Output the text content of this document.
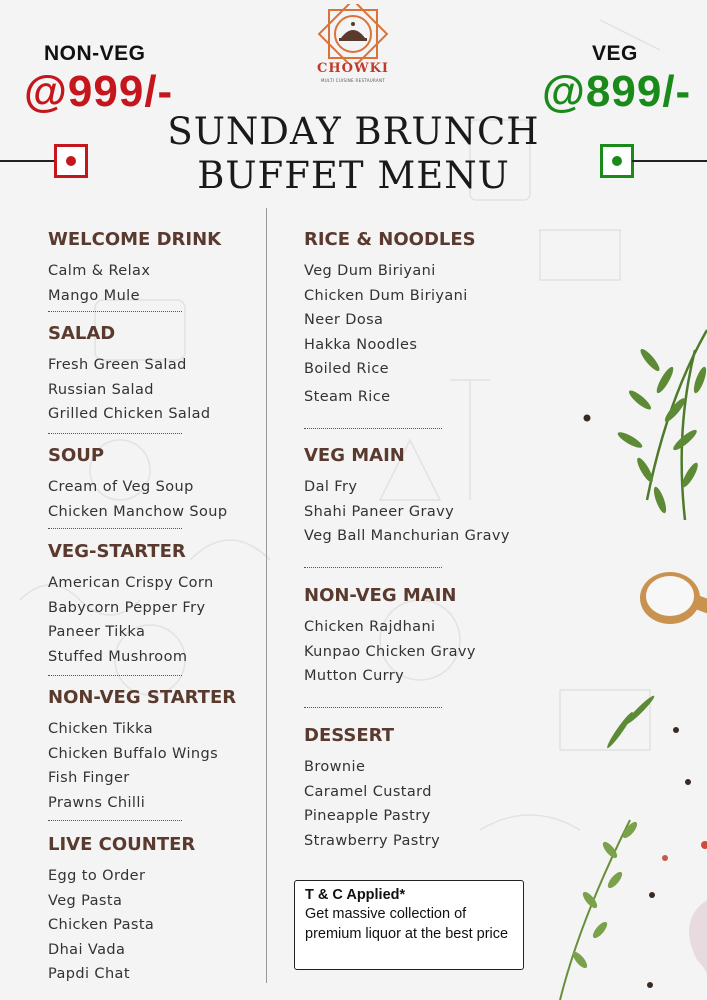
NON-VEG
@999/-
VEG
@899/-
CHOWKI
MULTI CUISINE RESTAURANT
SUNDAY BRUNCH
BUFFET MENU
WELCOME DRINK
Calm & Relax
Mango Mule
SALAD
Fresh Green Salad
Russian Salad
Grilled Chicken Salad
SOUP
Cream of Veg Soup
Chicken Manchow Soup
VEG-STARTER
American Crispy Corn
Babycorn Pepper Fry
Paneer Tikka
Stuffed Mushroom
NON-VEG STARTER
Chicken Tikka
Chicken Buffalo Wings
Fish Finger
Prawns Chilli
LIVE COUNTER
Egg to Order
Veg Pasta
Chicken Pasta
Dhai Vada
Papdi Chat
RICE & NOODLES
Veg Dum Biriyani
Chicken Dum Biriyani
Neer Dosa
Hakka Noodles
Boiled Rice
Steam Rice
VEG MAIN
Dal Fry
Shahi Paneer Gravy
Veg Ball Manchurian Gravy
NON-VEG MAIN
Chicken Rajdhani
Kunpao Chicken Gravy
Mutton Curry
DESSERT
Brownie
Caramel Custard
Pineapple Pastry
Strawberry Pastry
T & C Applied*
Get massive collection of premium liquor at the best price
